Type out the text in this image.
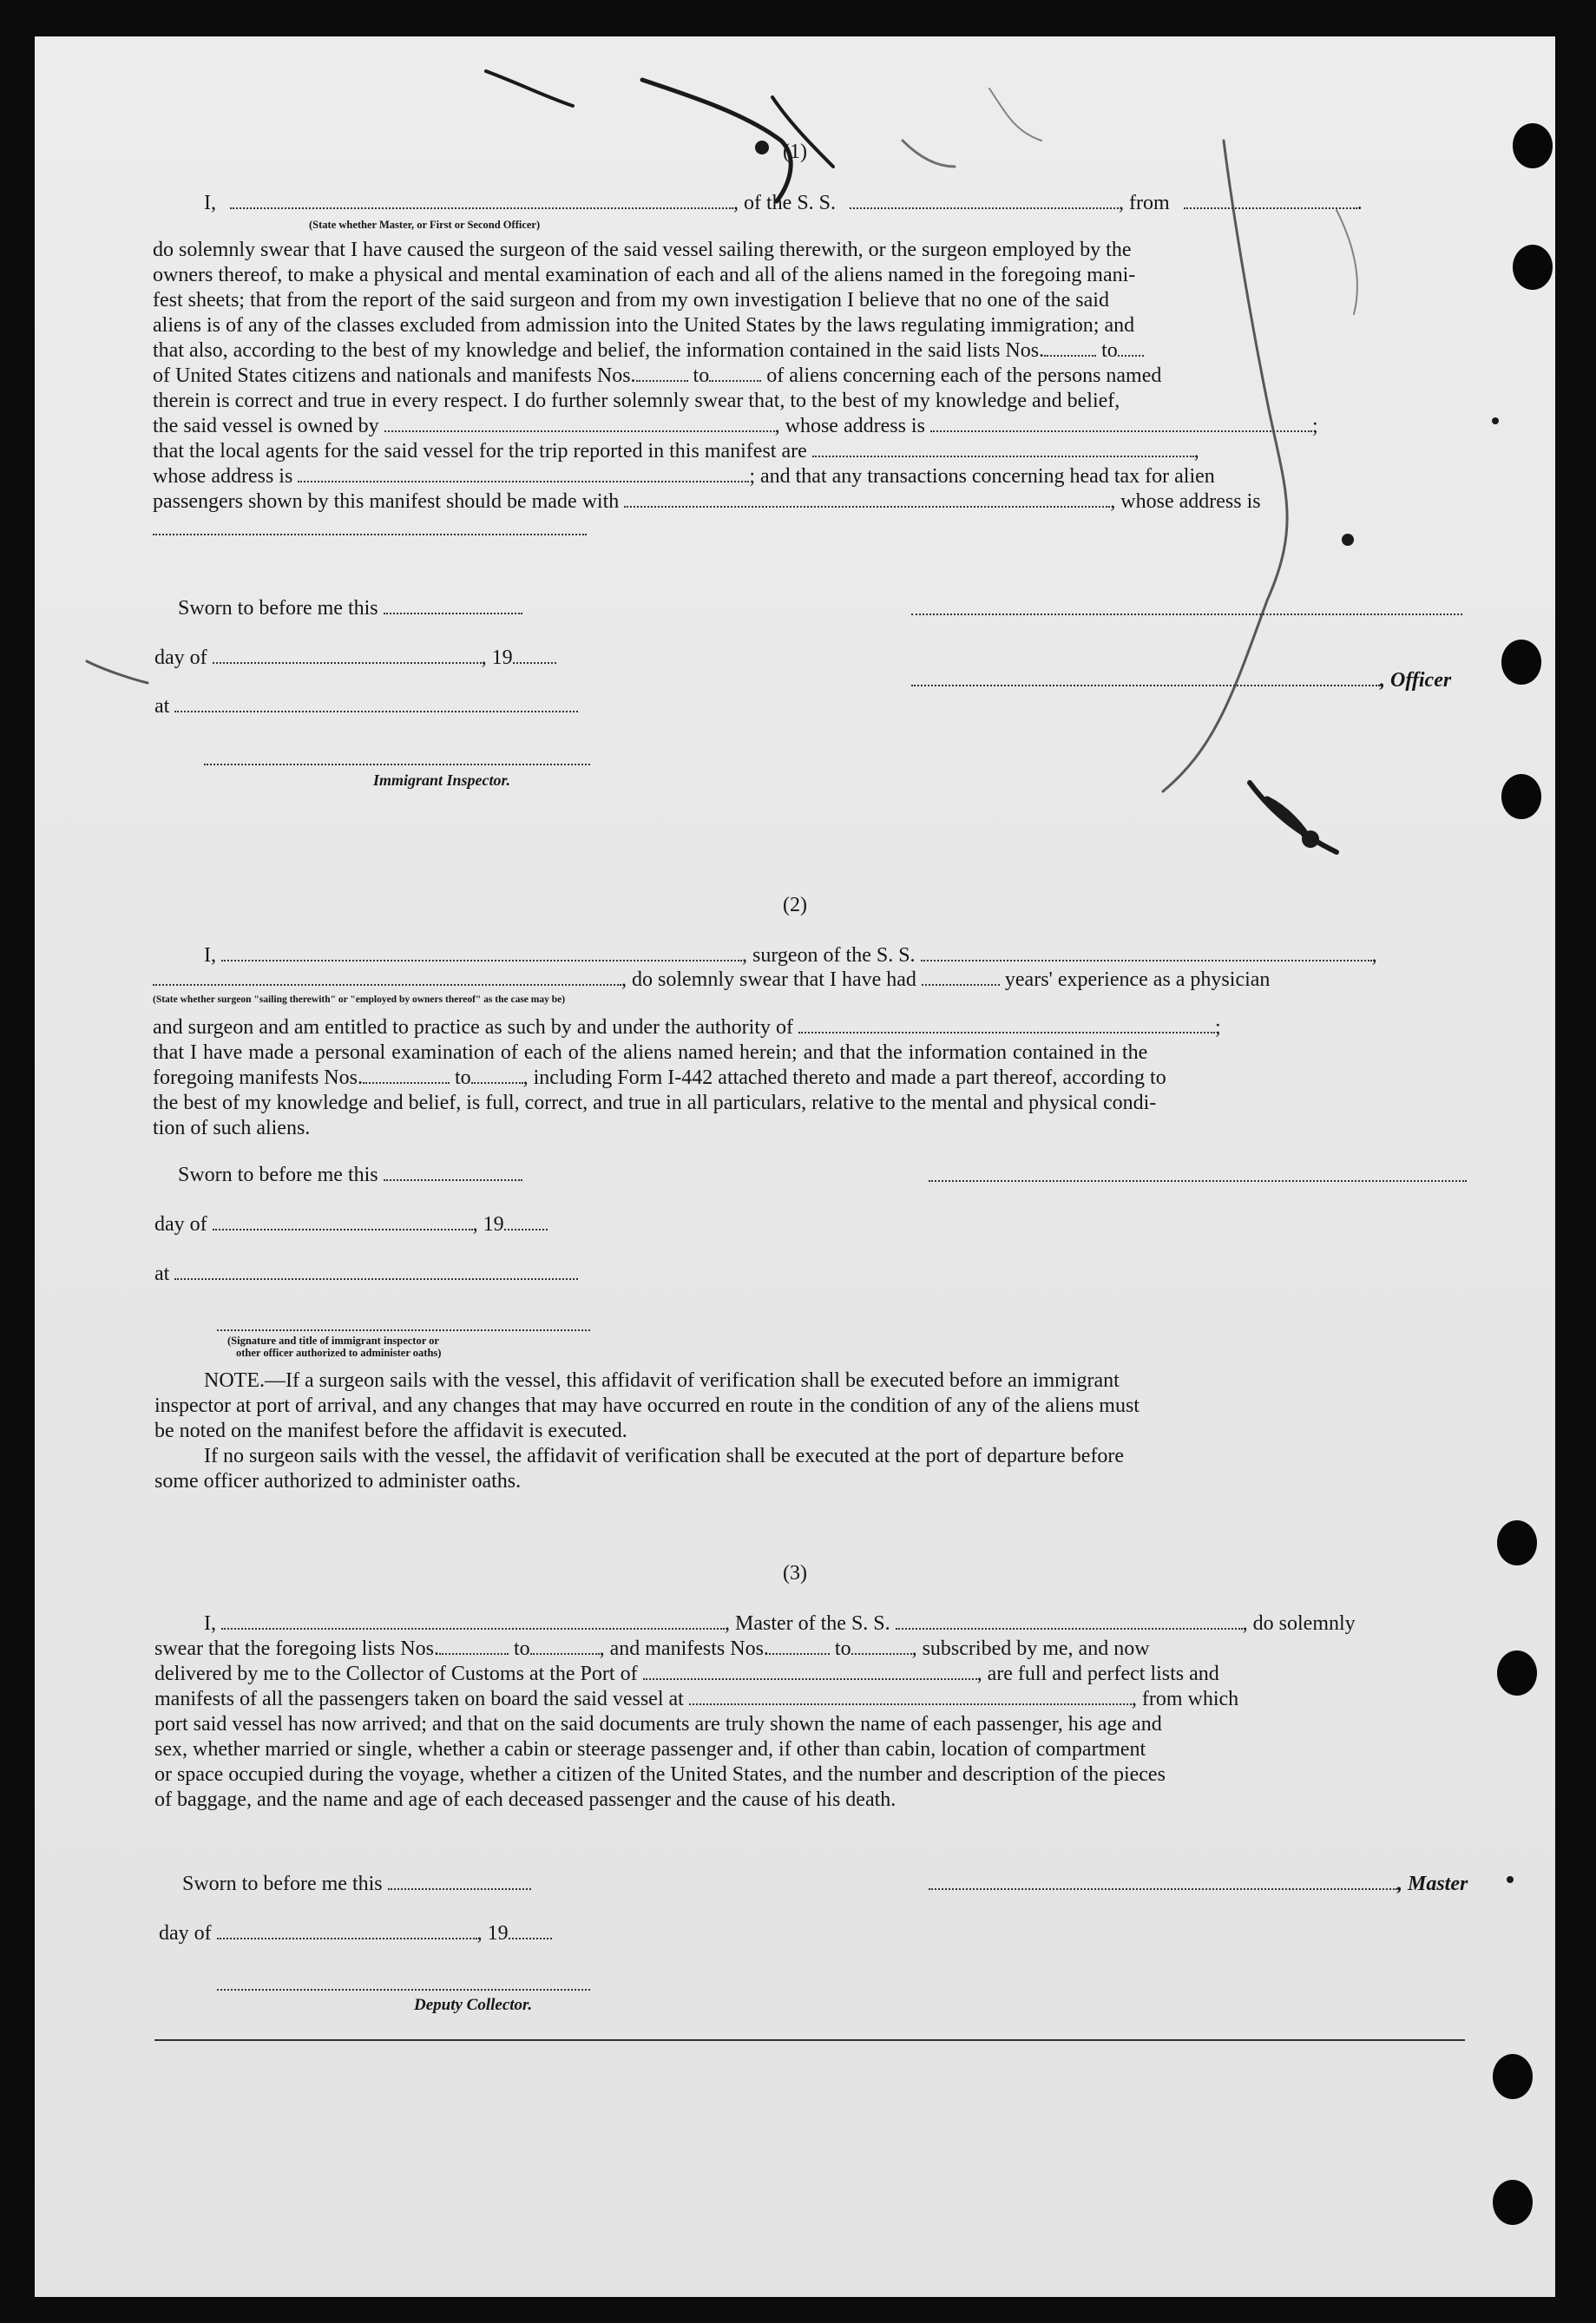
(1)
I,	, of the S. S.	, from	.
(State whether Master, or First or Second Officer)
do solemnly swear that I have caused the surgeon of the said vessel sailing therewith, or the surgeon employed by the
owners thereof, to make a physical and mental examination of each and all of the aliens named in the foregoing mani-
fest sheets; that from the report of the said surgeon and from my own investigation I believe that no one of the said
aliens is of any of the classes excluded from admission into the United States by the laws regulating immigration; and
that also, according to the best of my knowledge and belief, the information contained in the said lists Nos.	to
of United States citizens and nationals and manifests Nos.	to	of aliens concerning each of the persons named
therein is correct and true in every respect. I do further solemnly swear that, to the best of my knowledge and belief,
the said vessel is owned by	, whose address is	;
that the local agents for the said vessel for the trip reported in this manifest are	,
whose address is	; and that any transactions concerning head tax for alien
passengers shown by this manifest should be made with	, whose address is
Sworn to before me this
day of	, 19
, Officer
at
Immigrant Inspector.
(2)
I,	, surgeon of the S. S.	,
, do solemnly swear that I have had	years' experience as a physician
(State whether surgeon "sailing therewith" or "employed by owners thereof" as the case may be)
and surgeon and am entitled to practice as such by and under the authority of	;
that I have made a personal examination of each of the aliens named herein; and that the information contained in the
foregoing manifests Nos.	to	, including Form I-442 attached thereto and made a part thereof, according to
the best of my knowledge and belief, is full, correct, and true in all particulars, relative to the mental and physical condi-
tion of such aliens.
Sworn to before me this
day of	, 19
at
(Signature and title of immigrant inspector or
other officer authorized to administer oaths)
NOTE.—If a surgeon sails with the vessel, this affidavit of verification shall be executed before an immigrant
inspector at port of arrival, and any changes that may have occurred en route in the condition of any of the aliens must
be noted on the manifest before the affidavit is executed.
If no surgeon sails with the vessel, the affidavit of verification shall be executed at the port of departure before
some officer authorized to administer oaths.
(3)
I,	, Master of the S. S.	, do solemnly
swear that the foregoing lists Nos.	to	, and manifests Nos.	to	, subscribed by me, and now
delivered by me to the Collector of Customs at the Port of	, are full and perfect lists and
manifests of all the passengers taken on board the said vessel at	, from which
port said vessel has now arrived; and that on the said documents are truly shown the name of each passenger, his age and
sex, whether married or single, whether a cabin or steerage passenger and, if other than cabin, location of compartment
or space occupied during the voyage, whether a citizen of the United States, and the number and description of the pieces
of baggage, and the name and age of each deceased passenger and the cause of his death.
Sworn to before me this	, Master
day of	, 19
Deputy Collector.
